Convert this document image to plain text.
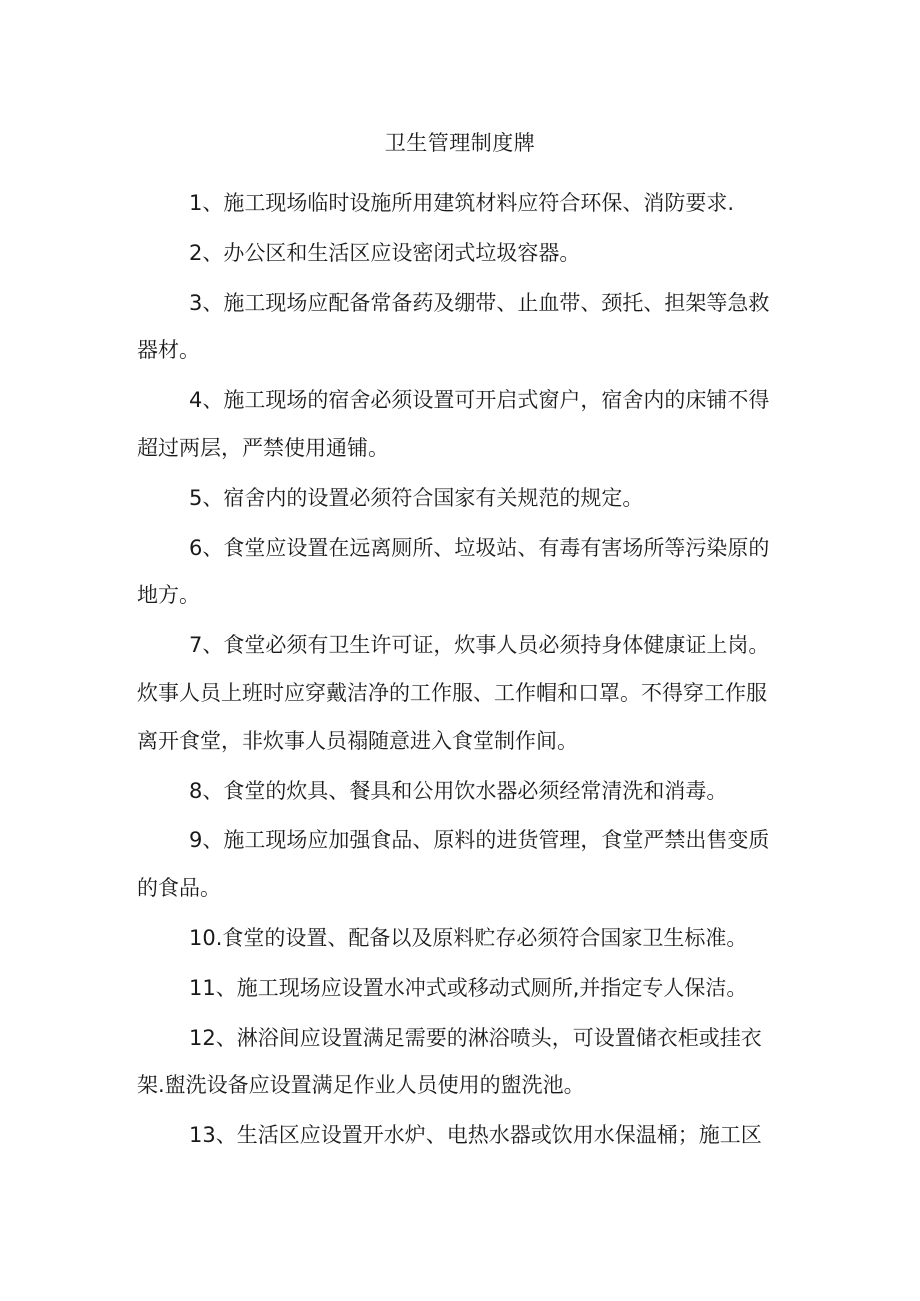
卫生管理制度牌

1、施工现场临时设施所用建筑材料应符合环保、消防要求.

2、办公区和生活区应设密闭式垃圾容器。

3、施工现场应配备常备药及绷带、止血带、颈托、担架等急救器材。

4、施工现场的宿舍必须设置可开启式窗户，宿舍内的床铺不得超过两层，严禁使用通铺。

5、宿舍内的设置必须符合国家有关规范的规定。

6、食堂应设置在远离厕所、垃圾站、有毒有害场所等污染原的地方。

7、食堂必须有卫生许可证，炊事人员必须持身体健康证上岗。炊事人员上班时应穿戴洁净的工作服、工作帽和口罩。不得穿工作服离开食堂，非炊事人员禢随意进入食堂制作间。

8、食堂的炊具、餐具和公用饮水器必须经常清洗和消毒。

9、施工现场应加强食品、原料的进货管理，食堂严禁出售变质的食品。

10.食堂的设置、配备以及原料贮存必须符合国家卫生标准。

11、施工现场应设置水冲式或移动式厕所,并指定专人保洁。

12、淋浴间应设置满足需要的淋浴喷头，可设置储衣柜或挂衣架.盥洗设备应设置满足作业人员使用的盥洗池。

13、生活区应设置开水炉、电热水器或饮用水保温桶；施工区
